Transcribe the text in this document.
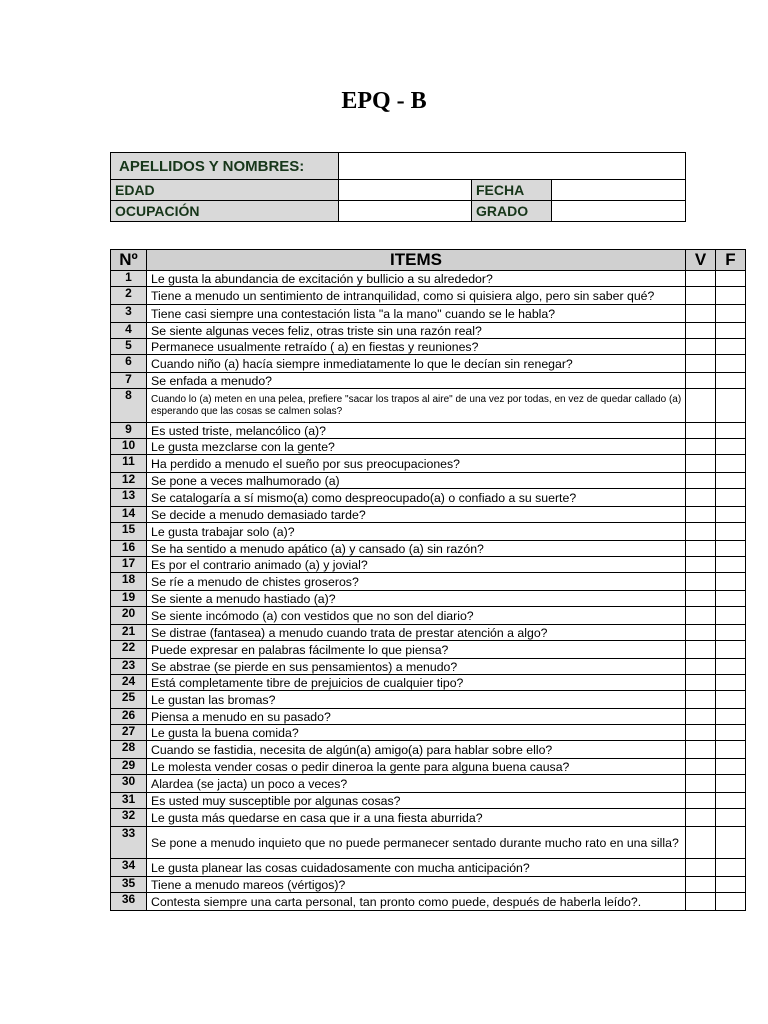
EPQ - B
APELLIDOS Y NOMBRES:			
EDAD		FECHA	
OCUPACIÓN		GRADO	
Nº	ITEMS	V	F
1	Le gusta la abundancia de excitación y bullicio a su alrededor?		
2	Tiene a menudo un sentimiento de intranquilidad, como si quisiera algo, pero sin saber qué?		
3	Tiene casi siempre una contestación lista "a la mano" cuando se le habla?		
4	Se siente algunas veces feliz, otras triste sin una razón real?		
5	Permanece usualmente retraído ( a) en fiestas y reuniones?		
6	Cuando niño (a) hacía siempre inmediatamente lo que le decían sin renegar?		
7	Se enfada a menudo?		
8	Cuando lo (a) meten en una pelea, prefiere "sacar los trapos al aire" de una vez por todas, en vez de quedar callado (a) esperando que las cosas se calmen solas?		
9	Es usted triste, melancólico (a)?		
10	Le gusta mezclarse con la gente?		
11	Ha perdido a menudo el sueño por sus preocupaciones?		
12	Se pone a veces malhumorado (a)		
13	Se catalogaría a sí mismo(a) como despreocupado(a) o confiado a su suerte?		
14	Se decide a menudo demasiado tarde?		
15	Le gusta trabajar solo (a)?		
16	Se ha sentido a menudo apático (a) y cansado (a) sin razón?		
17	Es por el contrario animado (a) y jovial?		
18	Se ríe a menudo de chistes groseros?		
19	Se siente a menudo hastiado (a)?		
20	Se siente incómodo (a) con vestidos que no son del diario?		
21	Se distrae (fantasea) a menudo cuando trata de prestar atención a algo?		
22	Puede expresar en palabras fácilmente lo que piensa?		
23	Se abstrae (se pierde en sus pensamientos) a menudo?		
24	Está completamente tibre de prejuicios de cualquier tipo?		
25	Le gustan las bromas?		
26	Piensa a menudo en su pasado?		
27	Le gusta la buena comida?		
28	Cuando se fastidia, necesita de algún(a) amigo(a) para hablar sobre ello?		
29	Le molesta vender cosas o pedir dineroa la gente para alguna buena causa?		
30	Alardea (se jacta) un poco a veces?		
31	Es usted muy susceptible por algunas cosas?		
32	Le gusta más quedarse en casa que ir a una fiesta aburrida?		
33	Se pone a menudo inquieto que no puede permanecer sentado durante mucho rato en una silla?		
34	Le gusta planear las cosas cuidadosamente con mucha anticipación?		
35	Tiene a menudo mareos (vértigos)?		
36	Contesta siempre una carta personal, tan pronto como puede, después de haberla leído?.		
